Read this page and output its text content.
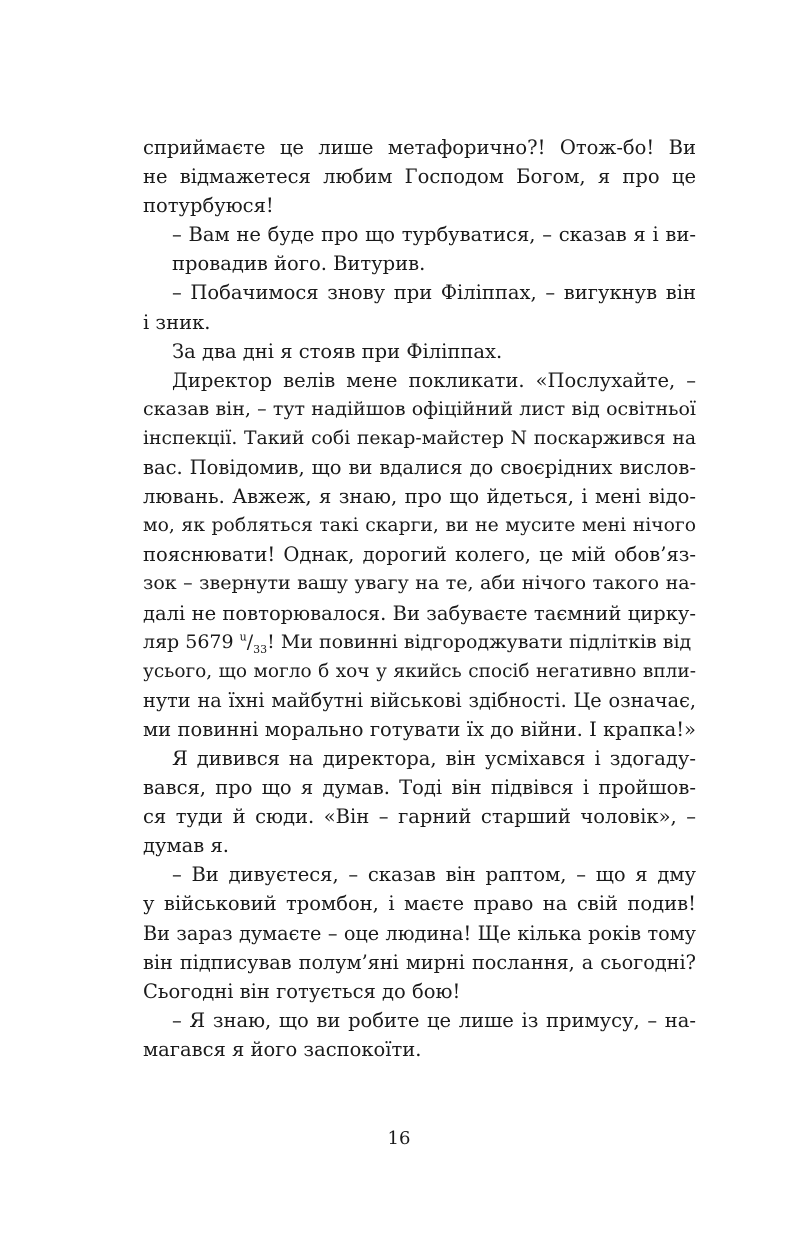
сприймаєте це лише метафорично?! Отож-бо! Ви
не відмажетеся любим Господом Богом, я про це
потурбуюся!
– Вам не буде про що турбуватися, – сказав я і ви-
провадив його. Витурив.
– Побачимося знову при Філіппах, – вигукнув він
і зник.
За два дні я стояв при Філіппах.
Директор велів мене покликати. «Послухайте, –
сказав він, – тут надійшов офіційний лист від освітньої
інспекції. Такий собі пекар-майстер N поскаржився на
вас. Повідомив, що ви вдалися до своєрідних вислов-
лювань. Авжеж, я знаю, про що йдеться, і мені відо-
мо, як робляться такі скарги, ви не мусите мені нічого
пояснювати! Однак, дорогий колего, це мій обов’яз-
зок – звернути вашу увагу на те, аби нічого такого на-
далі не повторювалося. Ви забуваєте таємний цирку-
ляр 5679 $^u/_{33}$! Ми повинні відгороджувати підлітків від
усього, що могло б хоч у якийсь спосіб негативно впли-
нути на їхні майбутні військові здібності. Це означає,
ми повинні морально готувати їх до війни. І крапка!»
Я дивився на директора, він усміхався і здогаду-
вався, про що я думав. Тоді він підвівся і пройшов-
ся туди й сюди. «Він – гарний старший чоловік», –
думав я.
– Ви дивуєтеся, – сказав він раптом, – що я дму
у військовий тромбон, і маєте право на свій подив!
Ви зараз думаєте – оце людина! Ще кілька років тому
він підписував полум’яні мирні послання, а сьогодні?
Сьогодні він готується до бою!
– Я знаю, що ви робите це лише із примусу, – на-
магався я його заспокоїти.
16
